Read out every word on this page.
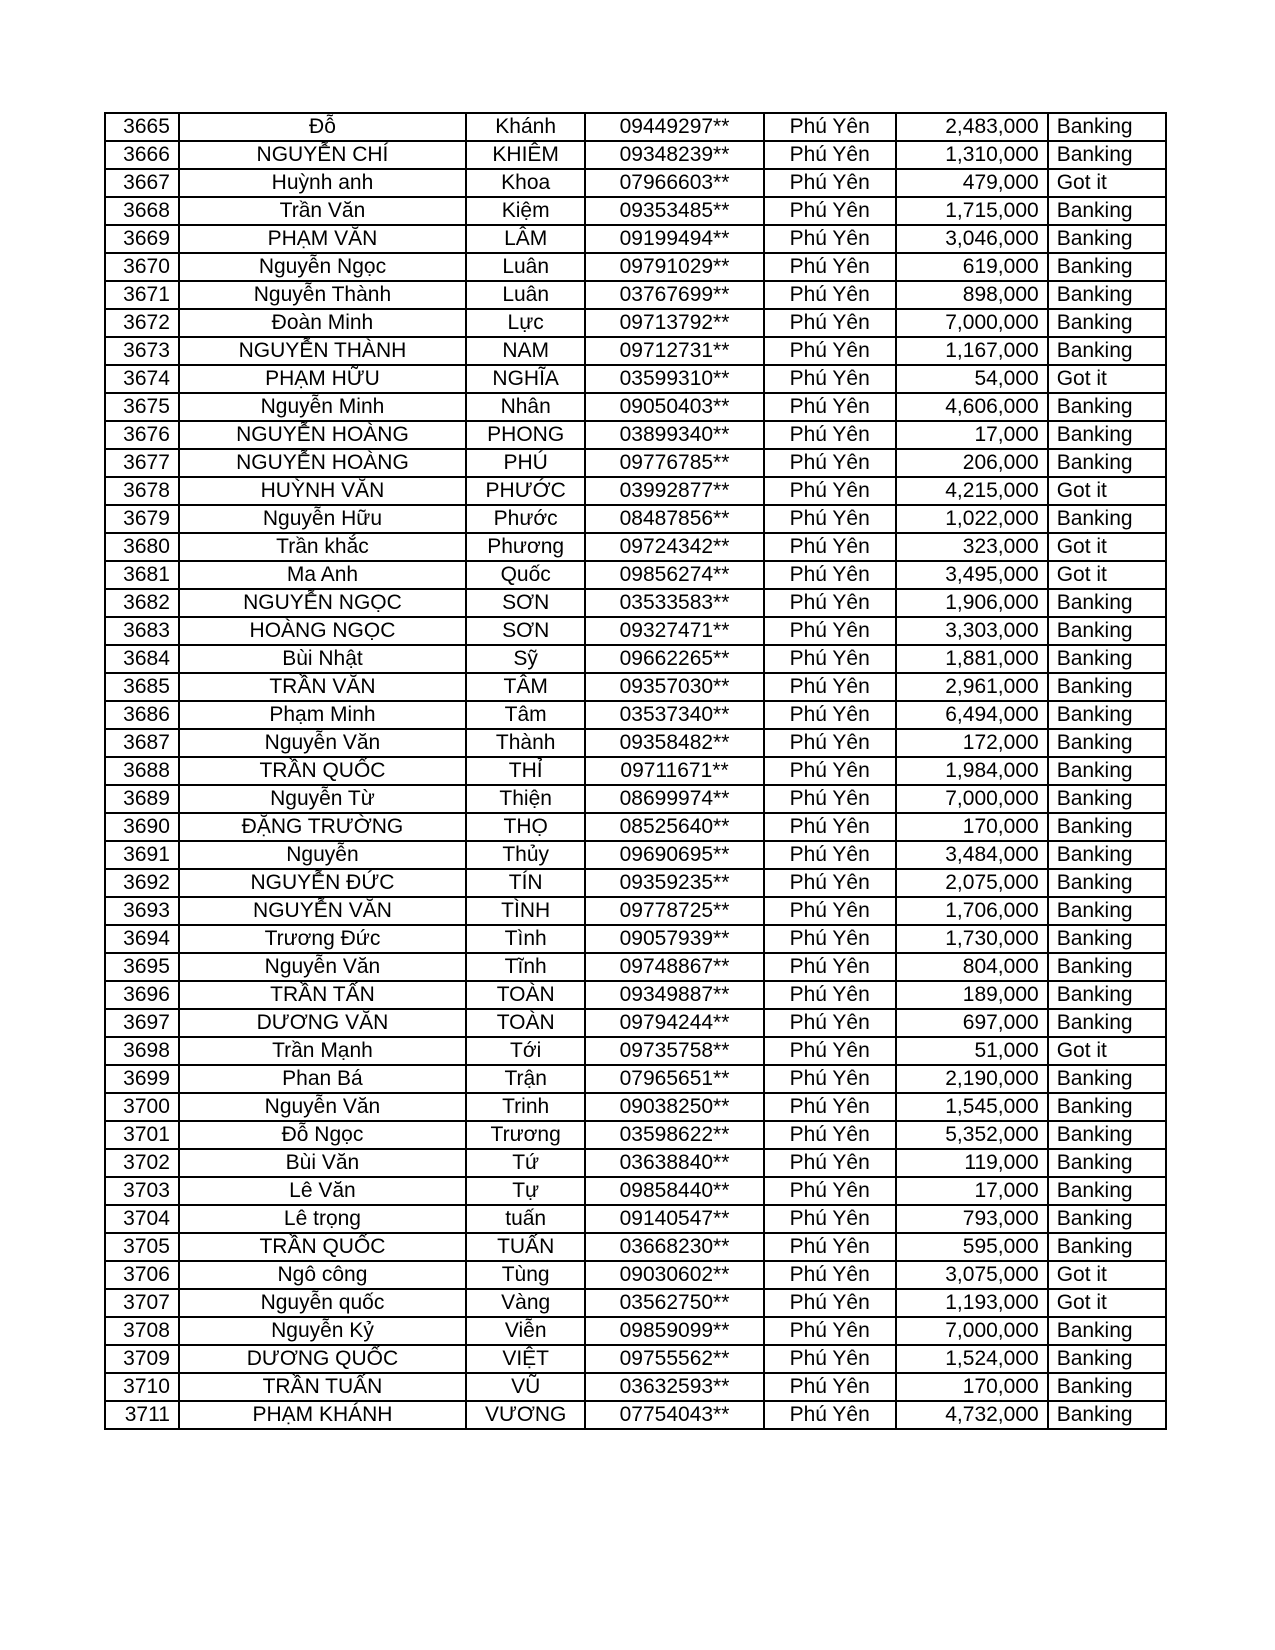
3665	Đỗ	Khánh	09449297**	Phú Yên	2,483,000	Banking
3666	NGUYỄN CHÍ	KHIÊM	09348239**	Phú Yên	1,310,000	Banking
3667	Huỳnh anh	Khoa	07966603**	Phú Yên	479,000	Got it
3668	Trần Văn	Kiệm	09353485**	Phú Yên	1,715,000	Banking
3669	PHẠM VĂN	LÂM	09199494**	Phú Yên	3,046,000	Banking
3670	Nguyễn Ngọc	Luân	09791029**	Phú Yên	619,000	Banking
3671	Nguyễn Thành	Luân	03767699**	Phú Yên	898,000	Banking
3672	Đoàn Minh	Lực	09713792**	Phú Yên	7,000,000	Banking
3673	NGUYỄN THÀNH	NAM	09712731**	Phú Yên	1,167,000	Banking
3674	PHẠM HỮU	NGHĨA	03599310**	Phú Yên	54,000	Got it
3675	Nguyễn Minh	Nhân	09050403**	Phú Yên	4,606,000	Banking
3676	NGUYỄN HOÀNG	PHONG	03899340**	Phú Yên	17,000	Banking
3677	NGUYỄN HOÀNG	PHÚ	09776785**	Phú Yên	206,000	Banking
3678	HUỲNH VĂN	PHƯỚC	03992877**	Phú Yên	4,215,000	Got it
3679	Nguyễn Hữu	Phước	08487856**	Phú Yên	1,022,000	Banking
3680	Trần khắc	Phương	09724342**	Phú Yên	323,000	Got it
3681	Ma Anh	Quốc	09856274**	Phú Yên	3,495,000	Got it
3682	NGUYỄN NGỌC	SƠN	03533583**	Phú Yên	1,906,000	Banking
3683	HOÀNG NGỌC	SƠN	09327471**	Phú Yên	3,303,000	Banking
3684	Bùi Nhật	Sỹ	09662265**	Phú Yên	1,881,000	Banking
3685	TRẦN VĂN	TÂM	09357030**	Phú Yên	2,961,000	Banking
3686	Phạm Minh	Tâm	03537340**	Phú Yên	6,494,000	Banking
3687	Nguyễn Văn	Thành	09358482**	Phú Yên	172,000	Banking
3688	TRẦN QUỐC	THỈ	09711671**	Phú Yên	1,984,000	Banking
3689	Nguyễn Từ	Thiện	08699974**	Phú Yên	7,000,000	Banking
3690	ĐẶNG TRƯỜNG	THỌ	08525640**	Phú Yên	170,000	Banking
3691	Nguyễn	Thủy	09690695**	Phú Yên	3,484,000	Banking
3692	NGUYỄN ĐỨC	TÍN	09359235**	Phú Yên	2,075,000	Banking
3693	NGUYỄN VĂN	TÌNH	09778725**	Phú Yên	1,706,000	Banking
3694	Trương Đức	Tình	09057939**	Phú Yên	1,730,000	Banking
3695	Nguyễn Văn	Tĩnh	09748867**	Phú Yên	804,000	Banking
3696	TRẦN TẤN	TOÀN	09349887**	Phú Yên	189,000	Banking
3697	DƯƠNG VĂN	TOÀN	09794244**	Phú Yên	697,000	Banking
3698	Trần Mạnh	Tới	09735758**	Phú Yên	51,000	Got it
3699	Phan Bá	Trận	07965651**	Phú Yên	2,190,000	Banking
3700	Nguyễn Văn	Trinh	09038250**	Phú Yên	1,545,000	Banking
3701	Đỗ Ngọc	Trương	03598622**	Phú Yên	5,352,000	Banking
3702	Bùi Văn	Tứ	03638840**	Phú Yên	119,000	Banking
3703	Lê Văn	Tự	09858440**	Phú Yên	17,000	Banking
3704	Lê trọng	tuấn	09140547**	Phú Yên	793,000	Banking
3705	TRẦN QUỐC	TUẤN	03668230**	Phú Yên	595,000	Banking
3706	Ngô công	Tùng	09030602**	Phú Yên	3,075,000	Got it
3707	Nguyễn quốc	Vàng	03562750**	Phú Yên	1,193,000	Got it
3708	Nguyễn Kỷ	Viễn	09859099**	Phú Yên	7,000,000	Banking
3709	DƯƠNG QUỐC	VIỆT	09755562**	Phú Yên	1,524,000	Banking
3710	TRẦN TUẤN	VŨ	03632593**	Phú Yên	170,000	Banking
3711	PHẠM KHÁNH	VƯƠNG	07754043**	Phú Yên	4,732,000	Banking
